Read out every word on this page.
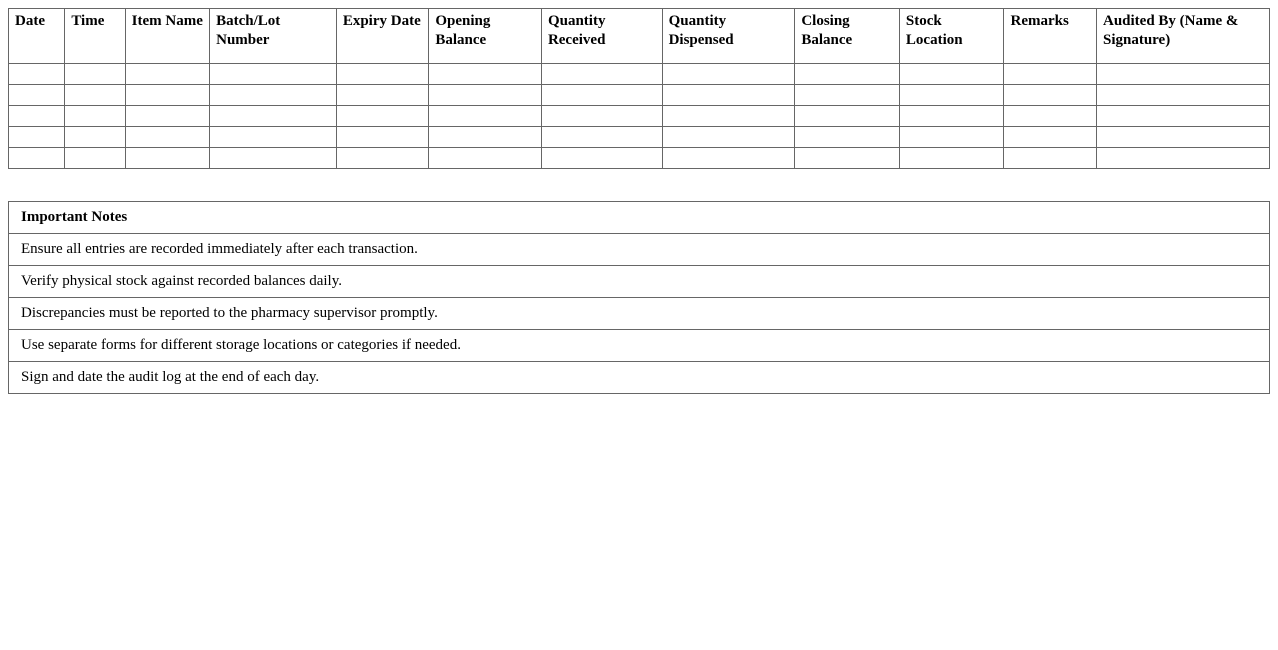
Date	Time	Item Name	Batch/Lot Number	Expiry Date	Opening Balance	Quantity Received	Quantity Dispensed	Closing Balance	Stock Location	Remarks	Audited By (Name & Signature)

Important Notes
Ensure all entries are recorded immediately after each transaction.
Verify physical stock against recorded balances daily.
Discrepancies must be reported to the pharmacy supervisor promptly.
Use separate forms for different storage locations or categories if needed.
Sign and date the audit log at the end of each day.
